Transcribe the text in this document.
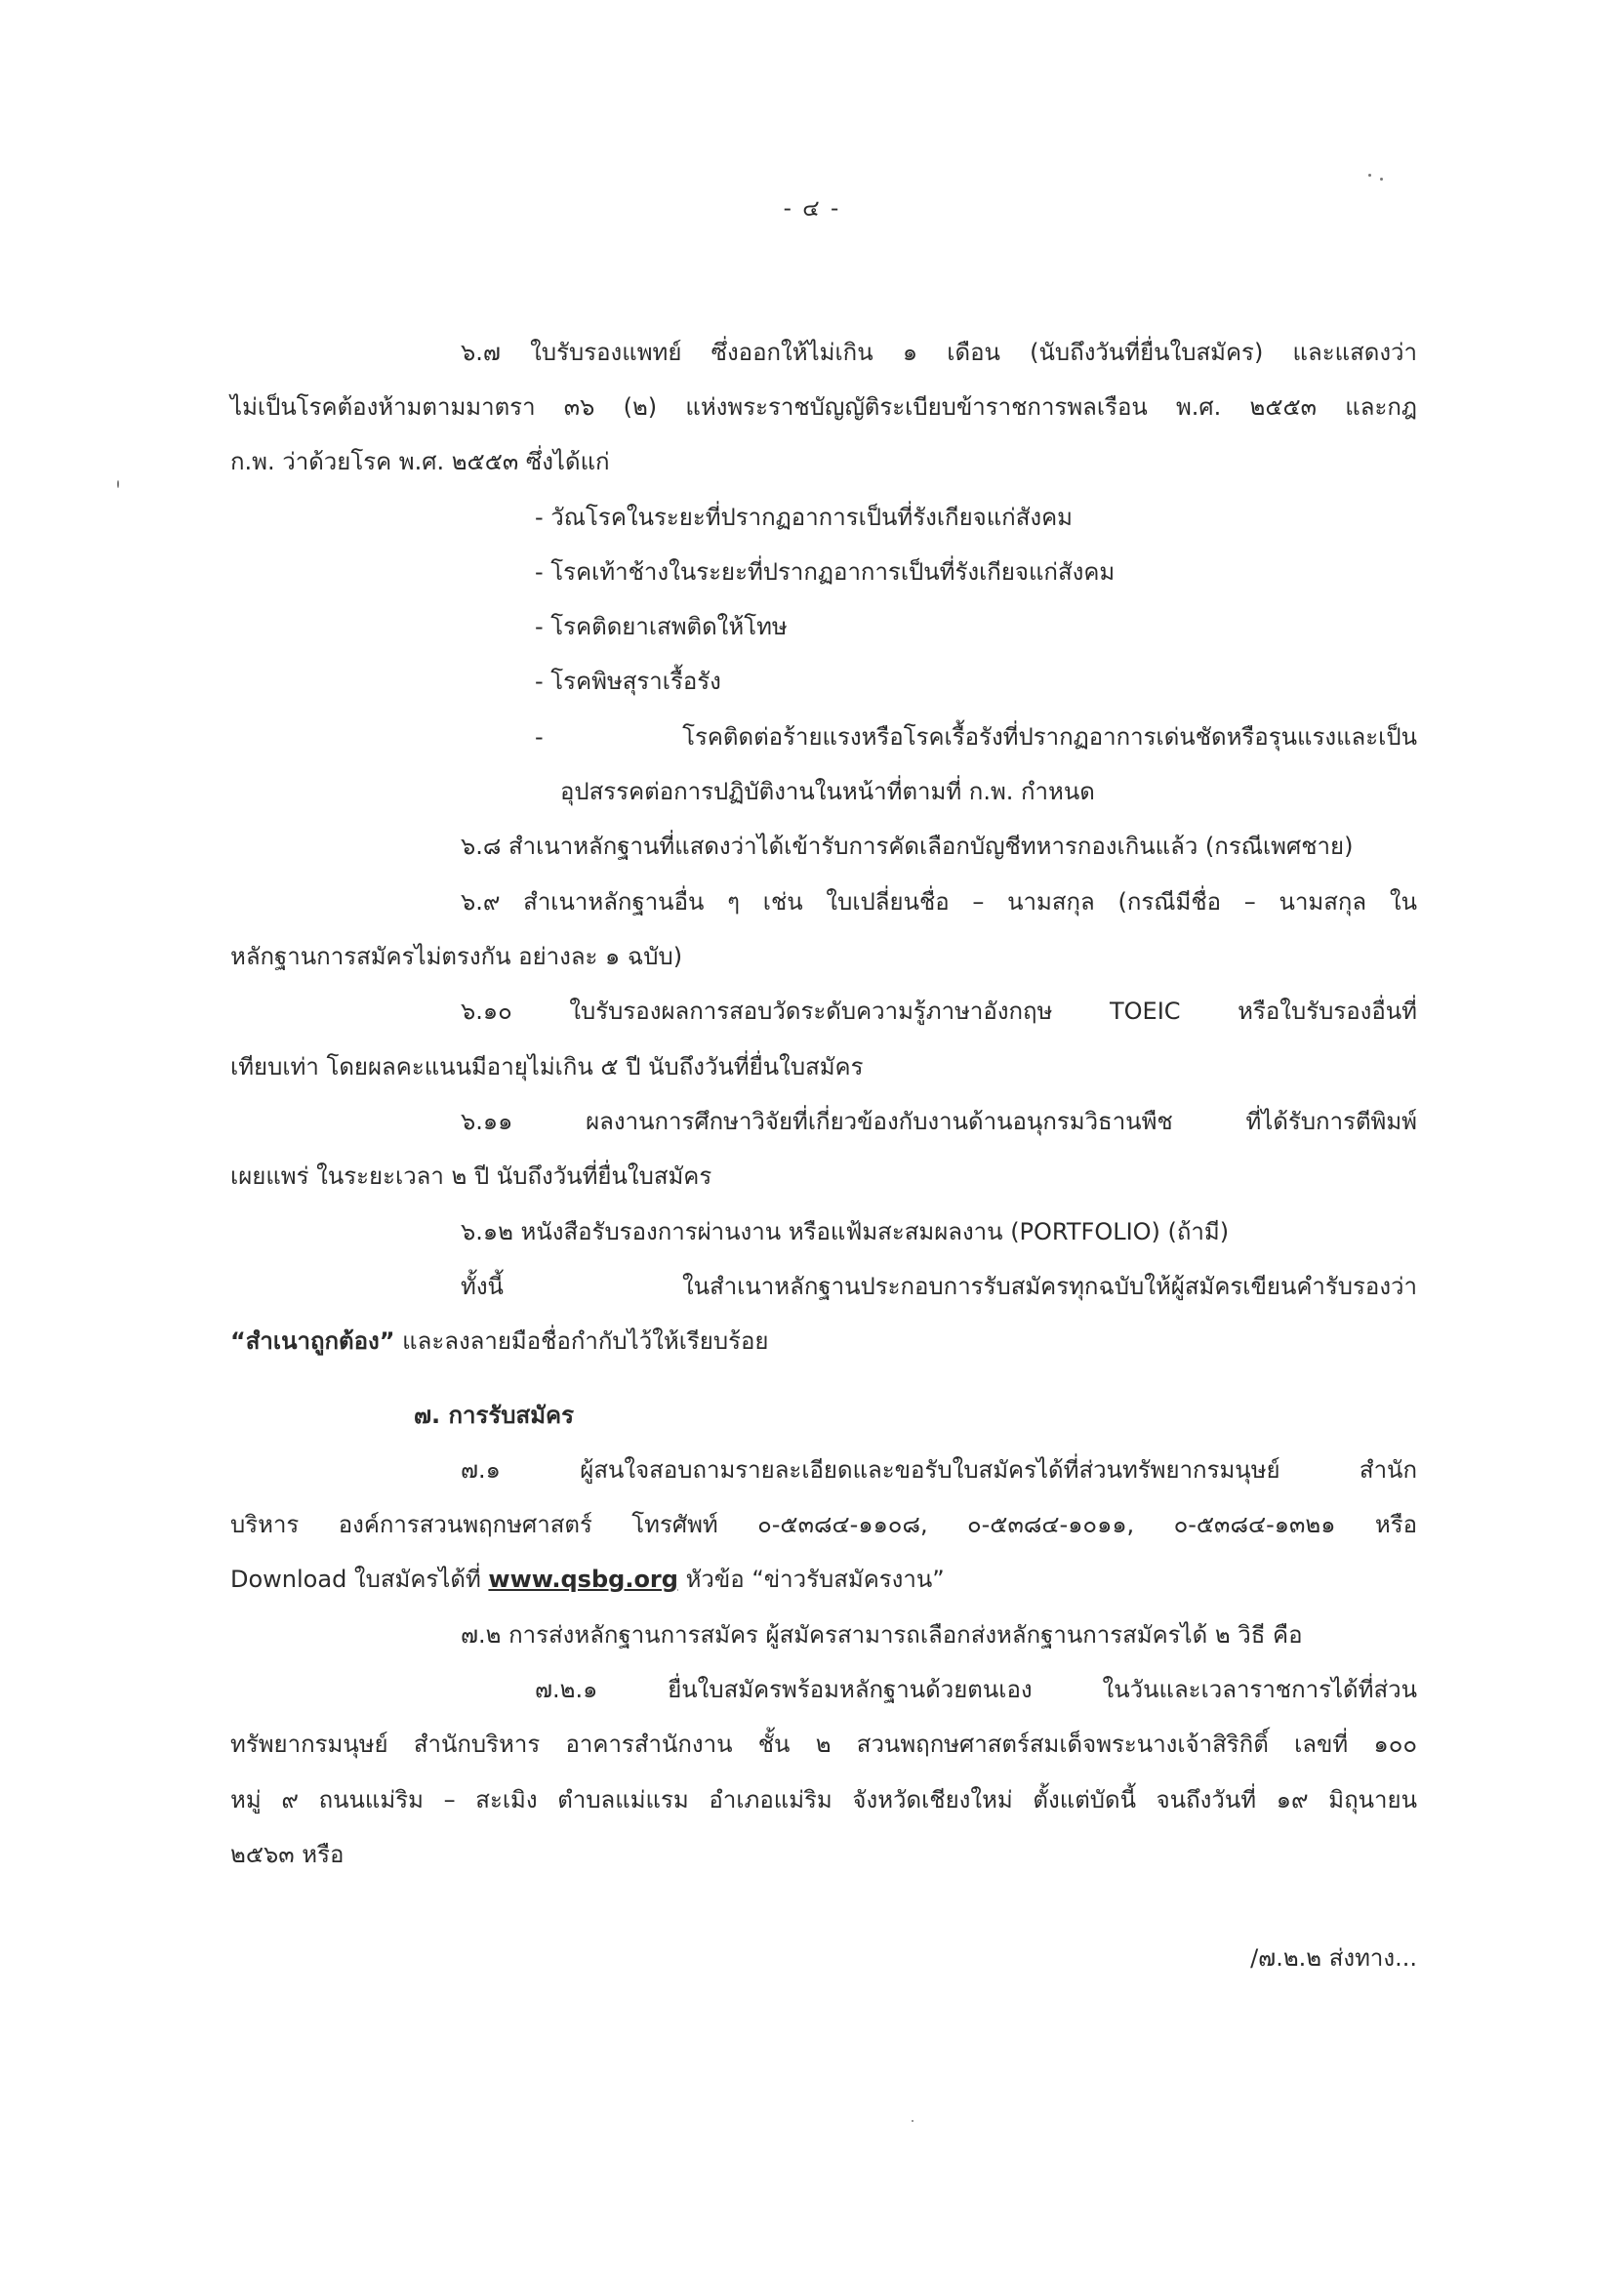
- ๔ -
๖.๗ ใบรับรองแพทย์ ซึ่งออกให้ไม่เกิน ๑ เดือน (นับถึงวันที่ยื่นใบสมัคร) และแสดงว่า
ไม่เป็นโรคต้องห้ามตามมาตรา ๓๖ (๒) แห่งพระราชบัญญัติระเบียบข้าราชการพลเรือน พ.ศ. ๒๕๕๓ และกฎ
ก.พ. ว่าด้วยโรค พ.ศ. ๒๕๕๓ ซึ่งได้แก่
- วัณโรคในระยะที่ปรากฏอาการเป็นที่รังเกียจแก่สังคม
- โรคเท้าช้างในระยะที่ปรากฏอาการเป็นที่รังเกียจแก่สังคม
- โรคติดยาเสพติดให้โทษ
- โรคพิษสุราเรื้อรัง
- โรคติดต่อร้ายแรงหรือโรคเรื้อรังที่ปรากฏอาการเด่นชัดหรือรุนแรงและเป็น
อุปสรรคต่อการปฏิบัติงานในหน้าที่ตามที่ ก.พ. กำหนด
๖.๘ สำเนาหลักฐานที่แสดงว่าได้เข้ารับการคัดเลือกบัญชีทหารกองเกินแล้ว (กรณีเพศชาย)
๖.๙ สำเนาหลักฐานอื่น ๆ เช่น ใบเปลี่ยนชื่อ – นามสกุล (กรณีมีชื่อ – นามสกุล ใน
หลักฐานการสมัครไม่ตรงกัน อย่างละ ๑ ฉบับ)
๖.๑๐ ใบรับรองผลการสอบวัดระดับความรู้ภาษาอังกฤษ TOEIC หรือใบรับรองอื่นที่
เทียบเท่า โดยผลคะแนนมีอายุไม่เกิน ๕ ปี นับถึงวันที่ยื่นใบสมัคร
๖.๑๑ ผลงานการศึกษาวิจัยที่เกี่ยวข้องกับงานด้านอนุกรมวิธานพืช ที่ได้รับการตีพิมพ์
เผยแพร่ ในระยะเวลา ๒ ปี นับถึงวันที่ยื่นใบสมัคร
๖.๑๒ หนังสือรับรองการผ่านงาน หรือแฟ้มสะสมผลงาน (PORTFOLIO) (ถ้ามี)
ทั้งนี้ ในสำเนาหลักฐานประกอบการรับสมัครทุกฉบับให้ผู้สมัครเขียนคำรับรองว่า
“สำเนาถูกต้อง” และลงลายมือชื่อกำกับไว้ให้เรียบร้อย
๗. การรับสมัคร
๗.๑ ผู้สนใจสอบถามรายละเอียดและขอรับใบสมัครได้ที่ส่วนทรัพยากรมนุษย์ สำนัก
บริหาร องค์การสวนพฤกษศาสตร์ โทรศัพท์ ๐-๕๓๘๔-๑๑๐๘, ๐-๕๓๘๔-๑๐๑๑, ๐-๕๓๘๔-๑๓๒๑ หรือ
Download ใบสมัครได้ที่ www.qsbg.org หัวข้อ “ข่าวรับสมัครงาน”
๗.๒ การส่งหลักฐานการสมัคร ผู้สมัครสามารถเลือกส่งหลักฐานการสมัครได้ ๒ วิธี คือ
๗.๒.๑ ยื่นใบสมัครพร้อมหลักฐานด้วยตนเอง ในวันและเวลาราชการได้ที่ส่วน
ทรัพยากรมนุษย์ สำนักบริหาร อาคารสำนักงาน ชั้น ๒ สวนพฤกษศาสตร์สมเด็จพระนางเจ้าสิริกิติ์ เลขที่ ๑๐๐
หมู่ ๙ ถนนแม่ริม – สะเมิง ตำบลแม่แรม อำเภอแม่ริม จังหวัดเชียงใหม่ ตั้งแต่บัดนี้ จนถึงวันที่ ๑๙ มิถุนายน
๒๕๖๓ หรือ
/๗.๒.๒ ส่งทาง...
